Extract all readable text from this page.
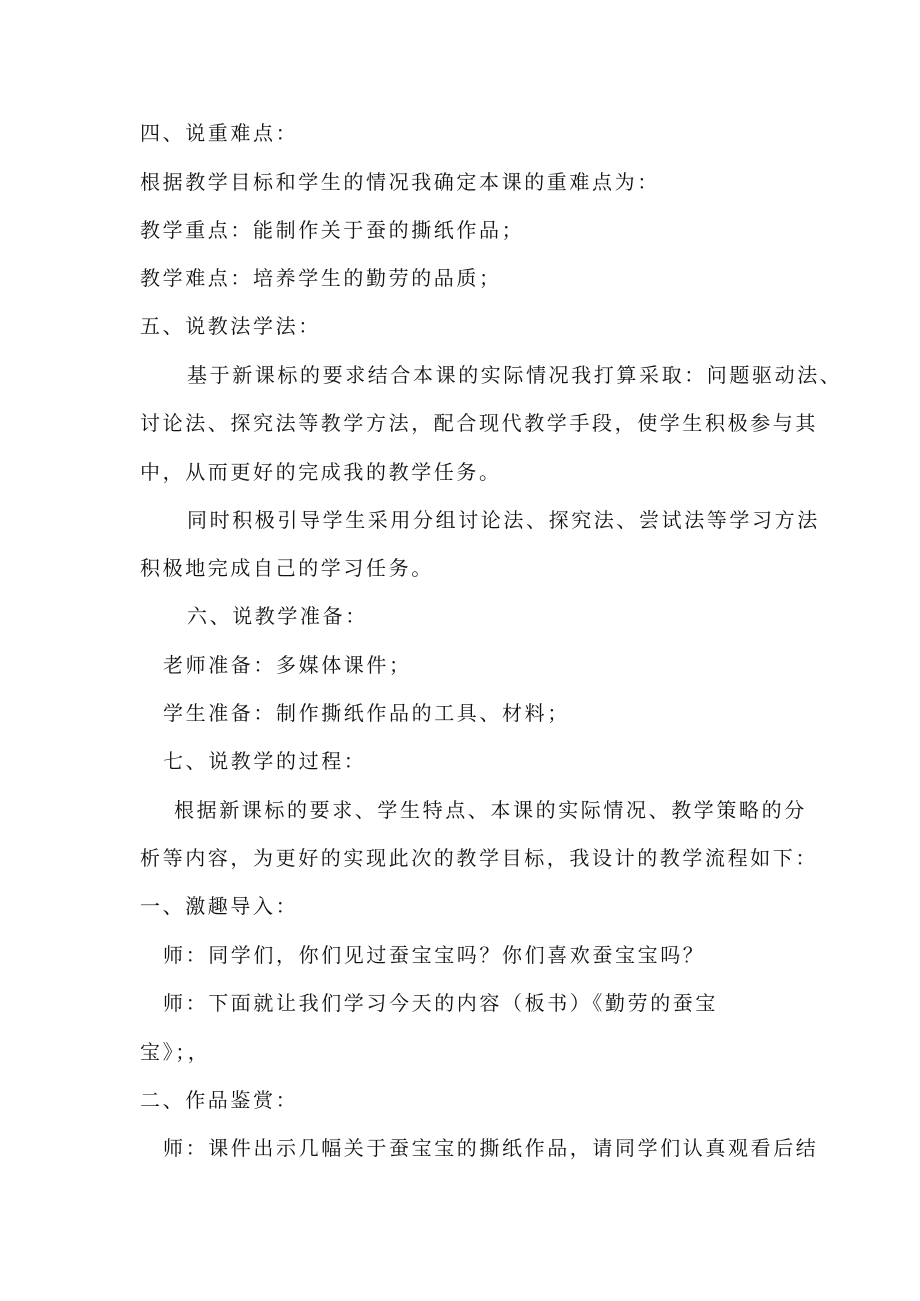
四、说重难点：
根据教学目标和学生的情况我确定本课的重难点为：
教学重点：能制作关于蚕的撕纸作品；
教学难点：培养学生的勤劳的品质；
五、说教法学法：
基于新课标的要求结合本课的实际情况我打算采取：问题驱动法、
讨论法、探究法等教学方法，配合现代教学手段，使学生积极参与其
中，从而更好的完成我的教学任务。
同时积极引导学生采用分组讨论法、探究法、尝试法等学习方法
积极地完成自己的学习任务。
六、说教学准备：
老师准备：多媒体课件；
学生准备：制作撕纸作品的工具、材料；
七、说教学的过程：
根据新课标的要求、学生特点、本课的实际情况、教学策略的分
析等内容，为更好的实现此次的教学目标，我设计的教学流程如下：
一、激趣导入：
师：同学们，你们见过蚕宝宝吗？你们喜欢蚕宝宝吗？
师：下面就让我们学习今天的内容（板书）《勤劳的蚕宝
宝》；，
二、作品鉴赏：
师：课件出示几幅关于蚕宝宝的撕纸作品，请同学们认真观看后结
